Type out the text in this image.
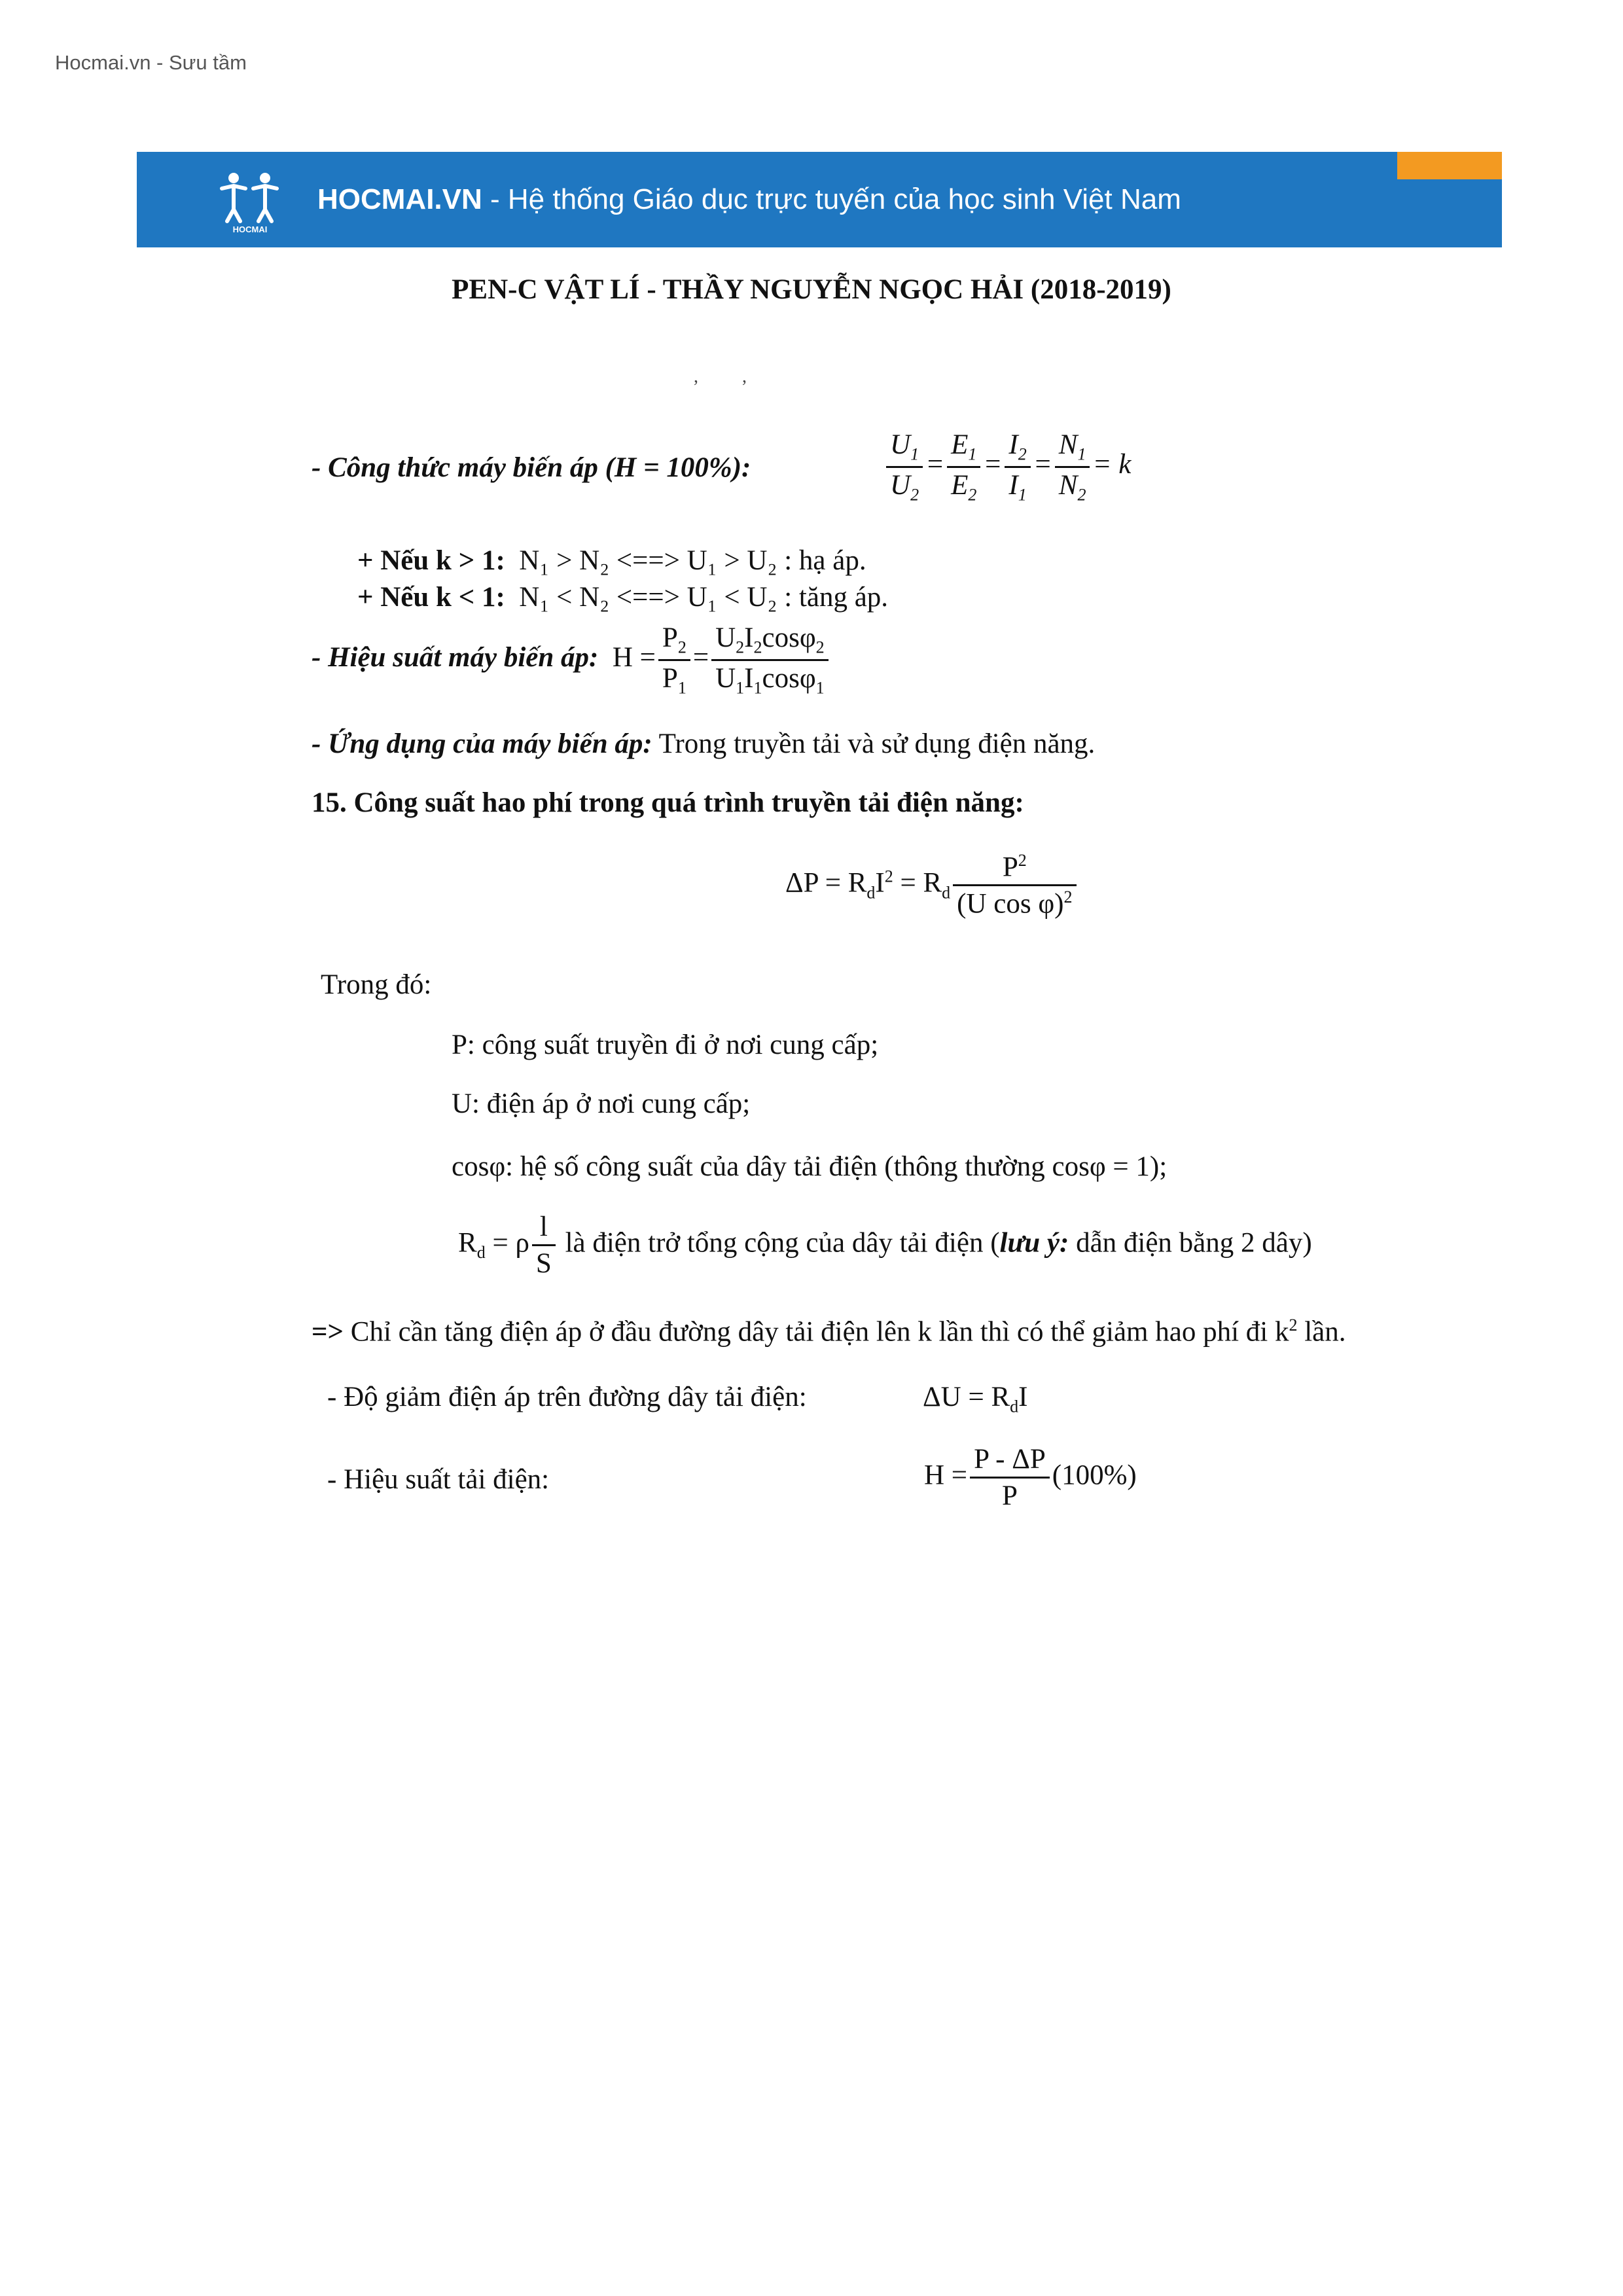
Hocmai.vn - Sưu tầm
HOCMAI
HOCMAI.VN - Hệ thống Giáo dục trực tuyến của học sinh Việt Nam
PEN-C VẬT LÍ - THẦY NGUYỄN NGỌC HẢI (2018-2019)
, ,
- Công thức máy biến áp (H = 100%):	$\frac{U_1}{U_2} = \frac{E_1}{E_2} = \frac{I_2}{I_1} = \frac{N_1}{N_2} = k$
+ Nếu k > 1: N₁ > N₂ <==> U₁ > U₂ : hạ áp.
+ Nếu k < 1: N₁ < N₂ <==> U₁ < U₂ : tăng áp.
- Hiệu suất máy biến áp:  $H = \frac{P_2}{P_1} = \frac{U_2I_2\cos\varphi_2}{U_1I_1\cos\varphi_1}$
- Ứng dụng của máy biến áp: Trong truyền tải và sử dụng điện năng.
15. Công suất hao phí trong quá trình truyền tải điện năng:
$\Delta P = R_dI^2 = R_d \frac{P^2}{(U \cos \varphi)^2}$
Trong đó:
P: công suất truyền đi ở nơi cung cấp;
U: điện áp ở nơi cung cấp;
cosφ: hệ số công suất của dây tải điện (thông thường cosφ = 1);
$R_d = \rho \frac{l}{S}$ là điện trở tổng cộng của dây tải điện (lưu ý: dẫn điện bằng 2 dây)
=> Chỉ cần tăng điện áp ở đầu đường dây tải điện lên k lần thì có thể giảm hao phí đi $k^2$ lần.
- Độ giảm điện áp trên đường dây tải điện:	$\Delta U = R_dI$
- Hiệu suất tải điện:	$H = \frac{P - \Delta P}{P} (100\%)$
